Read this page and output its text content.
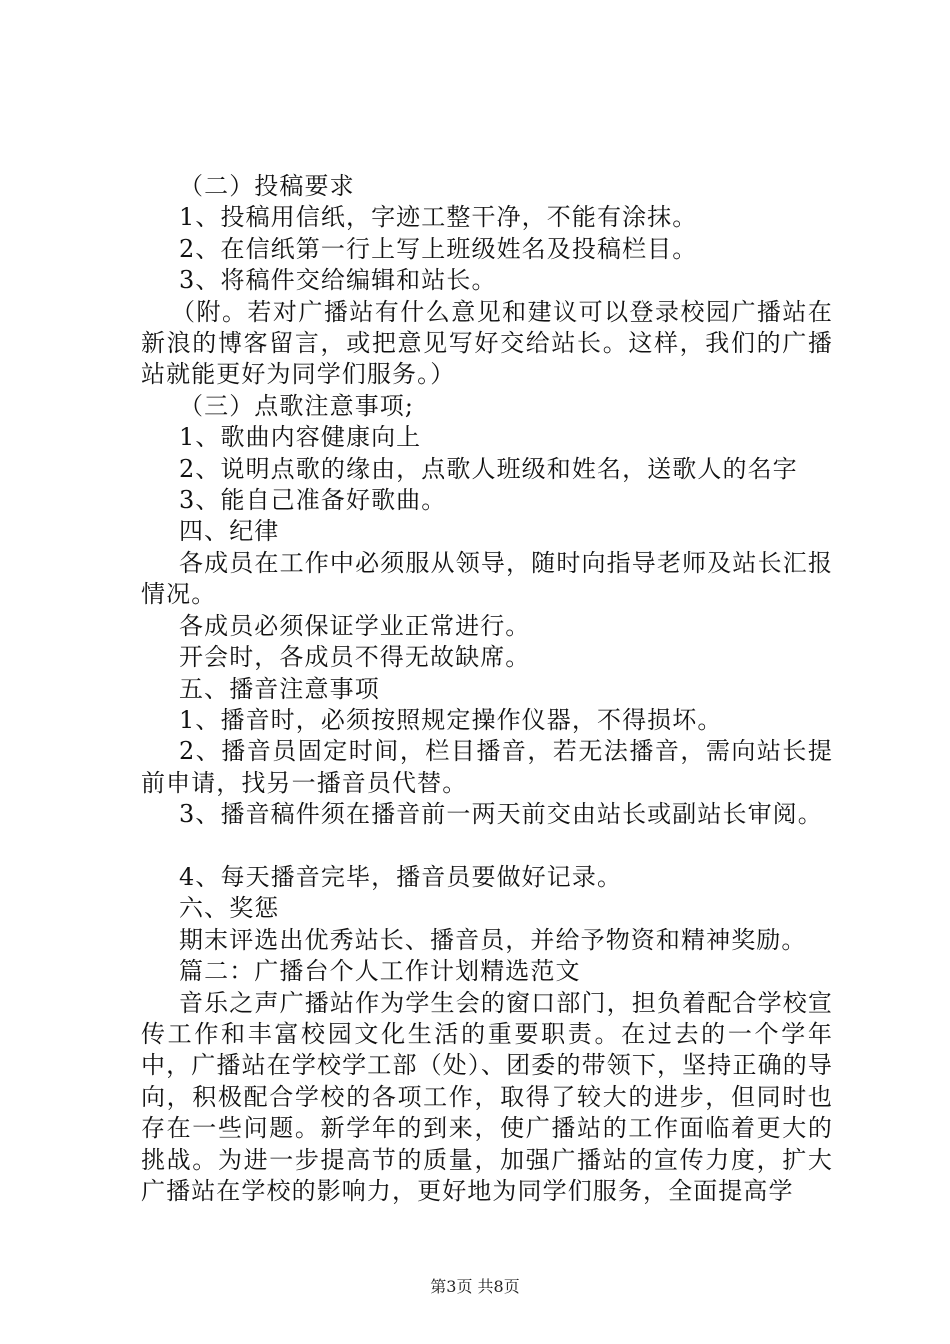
（二）投稿要求

1、投稿用信纸，字迹工整干净，不能有涂抹。

2、在信纸第一行上写上班级姓名及投稿栏目。

3、将稿件交给编辑和站长。

（附。若对广播站有什么意见和建议可以登录校园广播站在新浪的博客留言，或把意见写好交给站长。这样，我们的广播站就能更好为同学们服务。）

（三）点歌注意事项;

1、歌曲内容健康向上

2、说明点歌的缘由，点歌人班级和姓名，送歌人的名字

3、能自己准备好歌曲。

四、纪律

各成员在工作中必须服从领导，随时向指导老师及站长汇报情况。

各成员必须保证学业正常进行。

开会时，各成员不得无故缺席。

五、播音注意事项

1、播音时，必须按照规定操作仪器，不得损坏。

2、播音员固定时间，栏目播音，若无法播音，需向站长提前申请，找另一播音员代替。

3、播音稿件须在播音前一两天前交由站长或副站长审阅。

4、每天播音完毕，播音员要做好记录。

六、奖惩

期末评选出优秀站长、播音员，并给予物资和精神奖励。

篇二：广播台个人工作计划精选范文

音乐之声广播站作为学生会的窗口部门，担负着配合学校宣传工作和丰富校园文化生活的重要职责。在过去的一个学年中，广播站在学校学工部（处）、团委的带领下，坚持正确的导向，积极配合学校的各项工作，取得了较大的进步，但同时也存在一些问题。新学年的到来，使广播站的工作面临着更大的挑战。为进一步提高节的质量，加强广播站的宣传力度，扩大广播站在学校的影响力，更好地为同学们服务，全面提高学

第3页 共8页
